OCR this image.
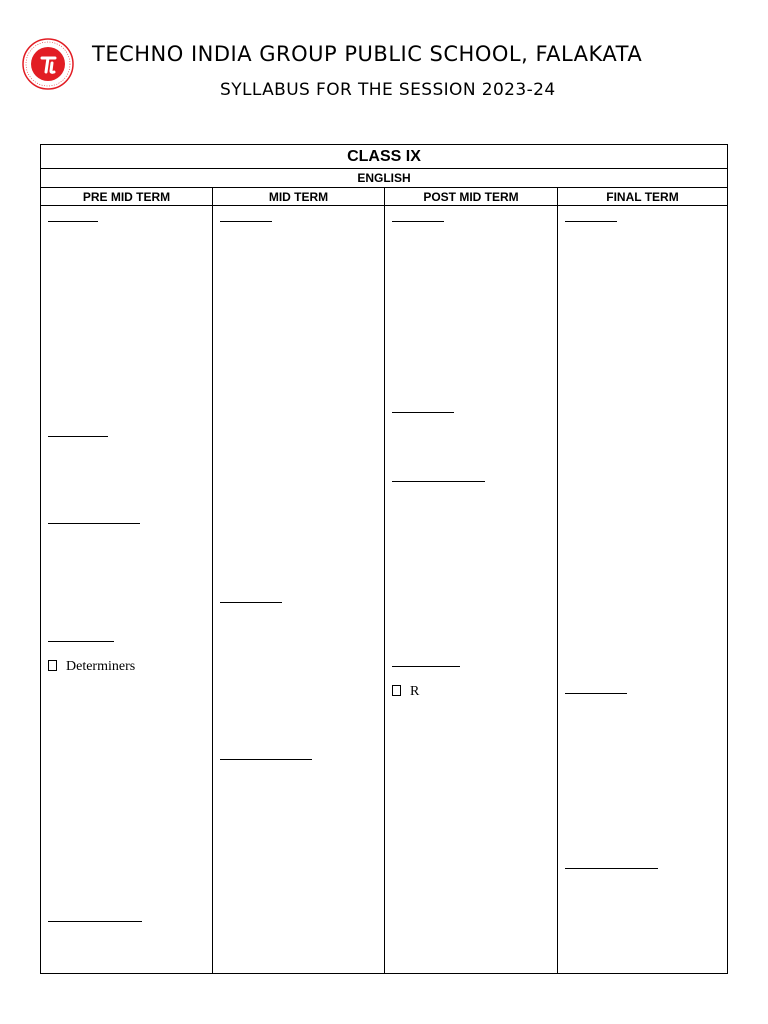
TECHNO INDIA GROUP PUBLIC SCHOOL, FALAKATA
SYLLABUS FOR THE SESSION 2023-24
CLASS IX
ENGLISH
PRE MID TERM
Determiners
MID TERM	POST MID TERM
R
FINAL TERM
